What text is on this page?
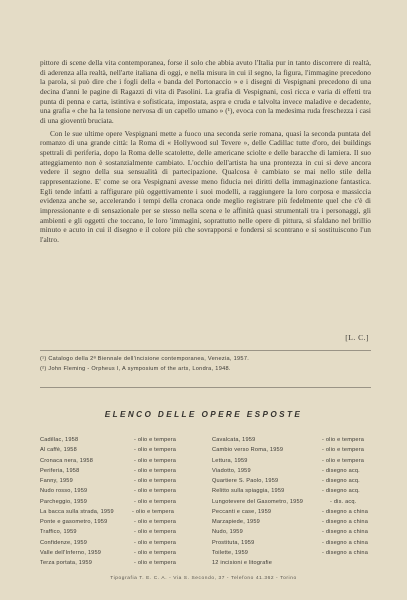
pittore di scene della vita contemporanea, forse il solo che abbia avuto l'Italia pur in tanto discorrere di realtà, di aderenza alla realtà, nell'arte italiana di oggi, e nella misura in cui il segno, la figura, l'immagine precedono la parola, si può dire che i fogli della « banda del Portonaccio » e i disegni di Vespignani precedono di una decina d'anni le pagine di Ragazzi di vita di Pasolini. La grafia di Vespignani, così ricca e varia di effetti tra punta di penna e carta, istintiva e sofisticata, impostata, aspra e cruda e talvolta invece maladive e decadente, una grafia « che ha la tensione nervosa di un capello umano » (¹), evoca con la medesima ruda freschezza i casi di una gioventù bruciata.

Con le sue ultime opere Vespignani mette a fuoco una seconda serie romana, quasi la seconda puntata del romanzo di una grande città: la Roma di « Hollywood sul Tevere », delle Cadillac tutte d'oro, dei buildings spettrali di periferia, dopo la Roma delle scatolette, delle americane sciolte e delle baracche di lamiera. Il suo atteggiamento non è sostanzialmente cambiato. L'occhio dell'artista ha una prontezza in cui si deve ancora vedere il segno della sua sensualità di partecipazione. Qualcosa è cambiato se mai nello stile della rappresentazione. E' come se ora Vespignani avesse meno fiducia nei diritti della immaginazione fantastica. Egli tende infatti a raffigurare più oggettivamente i suoi modelli, a raggiungere la loro corposa e massiccia evidenza anche se, accelerando i tempi della cronaca onde meglio registrare più fedelmente quel che c'è di impressionante e di sensazionale per se stesso nella scena e le affinità quasi strumentali tra i personaggi, gli ambienti e gli oggetti che toccano, le loro 'immagini, soprattutto nelle opere di pittura, si sfaldano nel brillio minuto e acuto in cui il disegno e il colore più che sovrapporsi e fondersi si scontrano e si sostituiscono l'un l'altro.

[L. C.]
(¹) Catalogo della 2ª Biennale dell'incisione contemporanea, Venezia, 1957.
(²) John Fleming - Orpheus I, A symposium of the arts, Londra, 1948.
ELENCO DELLE OPERE ESPOSTE
Cadillac, 1958	- olio e tempera
Al caffè, 1958	- olio e tempera
Cronaca nera, 1958	- olio e tempera
Periferia, 1958	- olio e tempera
Fanny, 1959	- olio e tempera
Nudo rosso, 1959	- olio e tempera
Parcheggio, 1959	- olio e tempera
La bacca sulla strada, 1959	- olio e tempera
Ponte e gasometro, 1959	- olio e tempera
Traffico, 1959	- olio e tempera
Confidenze, 1959	- olio e tempera
Valle dell'Inferno, 1959	- olio e tempera
Terza portata, 1959	- olio e tempera
Cavalcata, 1959	- olio e tempera
Cambio verso Roma, 1959	- olio e tempera
Lettura, 1959	- olio e tempera
Viadotto, 1959	- disegno acq.
Quartiere S. Paolo, 1959	- disegno acq.
Relitto sulla spiaggia, 1959	- disegno acq.
Lungotevere del Gasometro, 1959	- dis. acq.
Peccanti e case, 1959	- disegno a china
Marzapiede, 1959	- disegno a china
Nudo, 1959	- disegno a china
Prostituta, 1959	- disegno a china
Toilette, 1959	- disegno a china
12 incisioni e litografie
Tipografia T. E. C. A. - Via S. Secondo, 37 - Telefono 41.362 - Torino
